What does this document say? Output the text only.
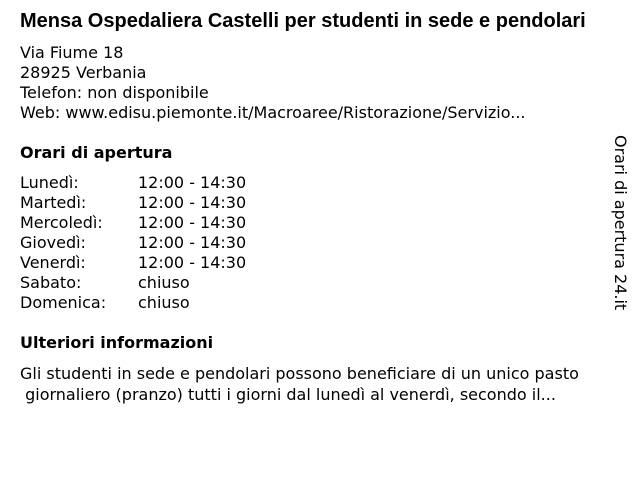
Mensa Ospedaliera Castelli per studenti in sede e pendolari
Via Fiume 18
28925 Verbania
Telefon: non disponibile
Web: www.edisu.piemonte.it/Macroaree/Ristorazione/Servizio...
Orari di apertura
Lunedì:	12:00 - 14:30
Martedì:	12:00 - 14:30
Mercoledì:	12:00 - 14:30
Giovedì:	12:00 - 14:30
Venerdì:	12:00 - 14:30
Sabato:	chiuso
Domenica:	chiuso
Ulteriori informazioni
Gli studenti in sede e pendolari possono beneficiare di un unico pasto
giornaliero (pranzo) tutti i giorni dal lunedì al venerdì, secondo il...
Orari di apertura 24.it
